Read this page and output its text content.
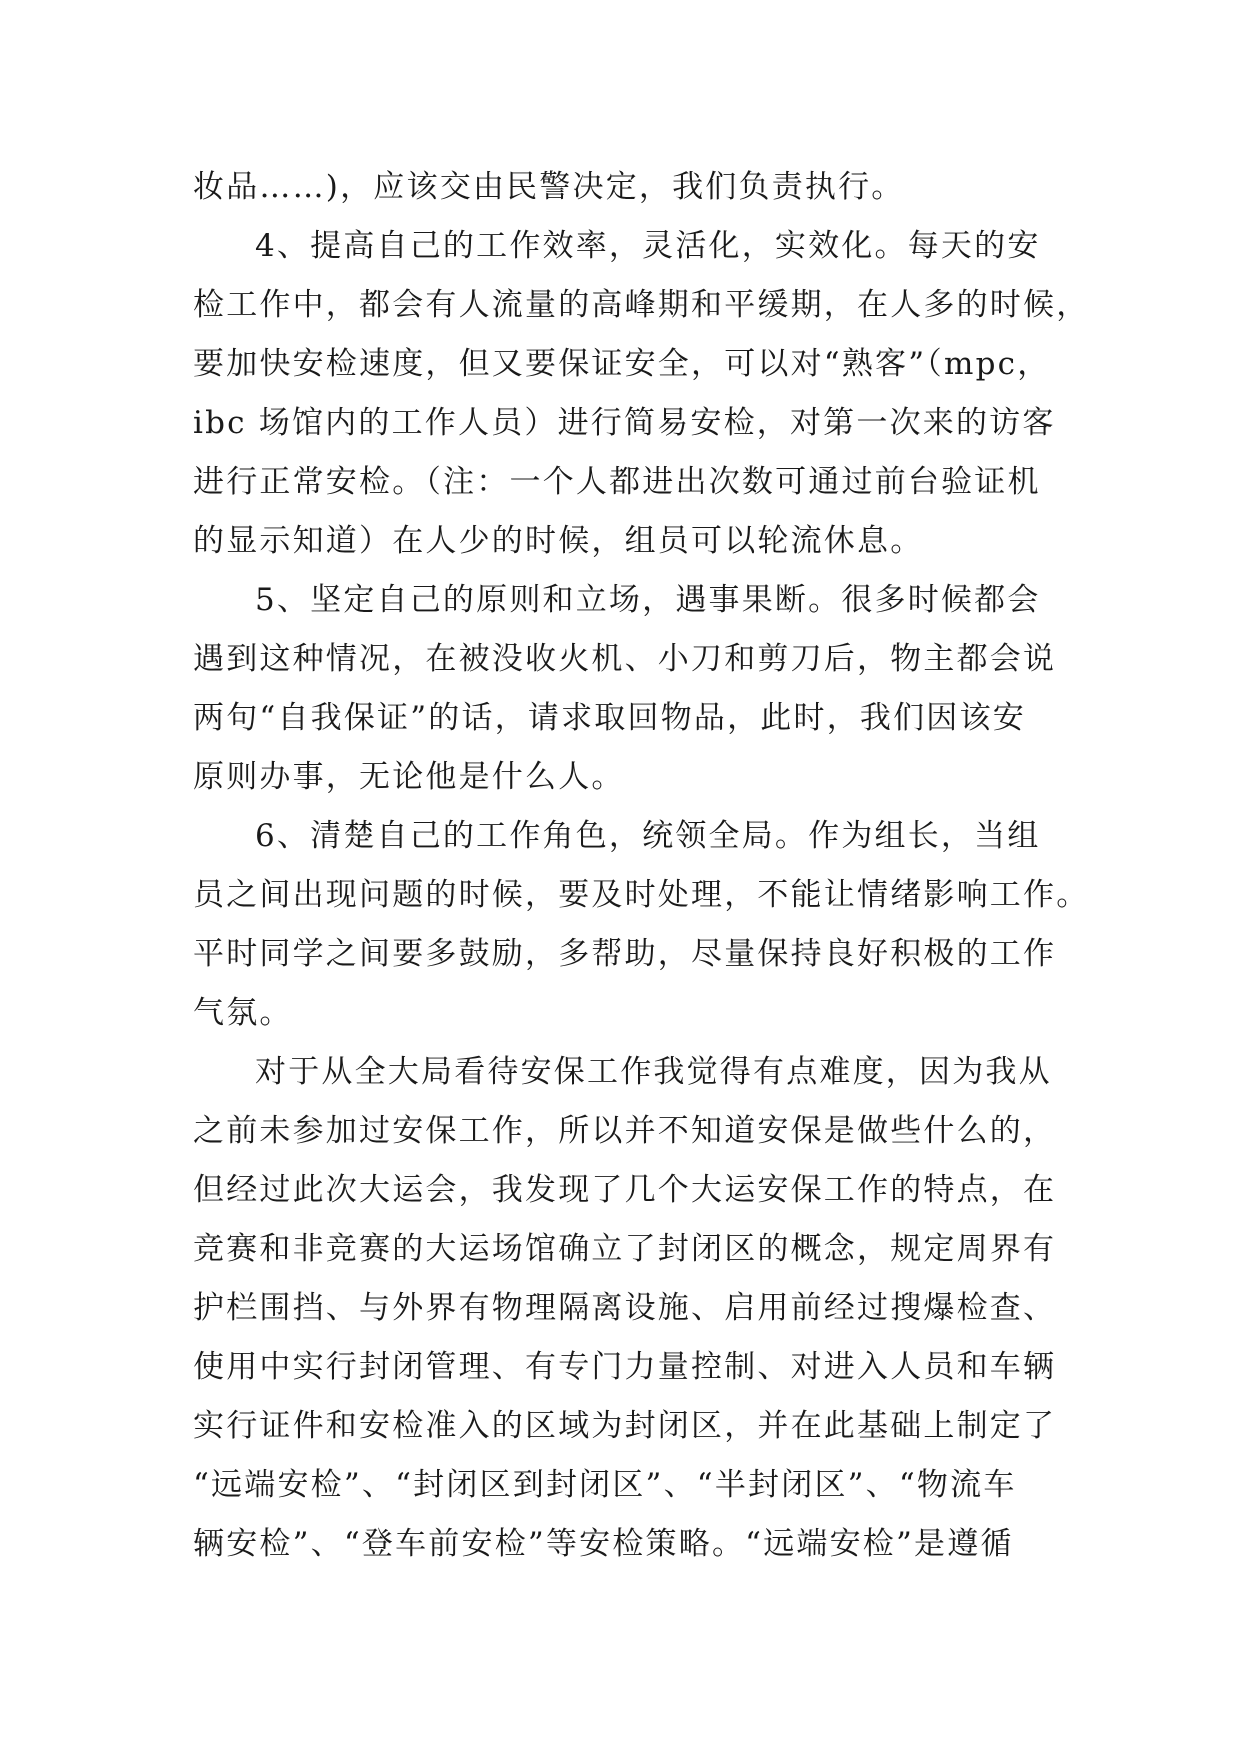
妆品……)，应该交由民警决定，我们负责执行。
4、提高自己的工作效率，灵活化，实效化。每天的安
检工作中，都会有人流量的高峰期和平缓期，在人多的时候，
要加快安检速度，但又要保证安全，可以对“熟客”（mpc，
ibc 场馆内的工作人员）进行简易安检，对第一次来的访客
进行正常安检。（注：一个人都进出次数可通过前台验证机
的显示知道）在人少的时候，组员可以轮流休息。
5、坚定自己的原则和立场，遇事果断。很多时候都会
遇到这种情况，在被没收火机、小刀和剪刀后，物主都会说
两句“自我保证”的话，请求取回物品，此时，我们因该安
原则办事，无论他是什么人。
6、清楚自己的工作角色，统领全局。作为组长，当组
员之间出现问题的时候，要及时处理，不能让情绪影响工作。
平时同学之间要多鼓励，多帮助，尽量保持良好积极的工作
气氛。
对于从全大局看待安保工作我觉得有点难度，因为我从
之前未参加过安保工作，所以并不知道安保是做些什么的，
但经过此次大运会，我发现了几个大运安保工作的特点，在
竞赛和非竞赛的大运场馆确立了封闭区的概念，规定周界有
护栏围挡、与外界有物理隔离设施、启用前经过搜爆检查、
使用中实行封闭管理、有专门力量控制、对进入人员和车辆
实行证件和安检准入的区域为封闭区，并在此基础上制定了
“远端安检”、“封闭区到封闭区”、“半封闭区”、“物流车
辆安检”、“登车前安检”等安检策略。“远端安检”是遵循
